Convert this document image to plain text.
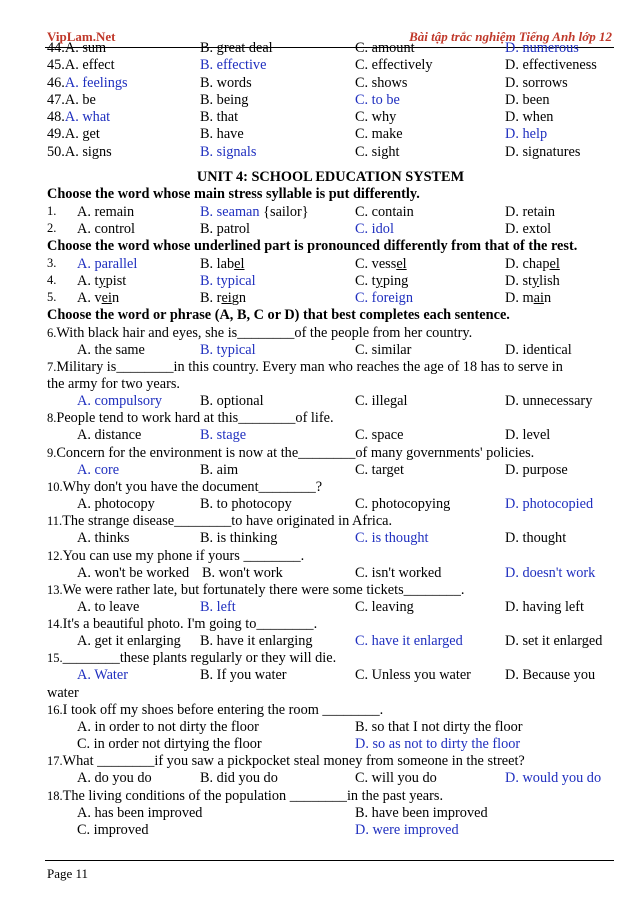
VipLam.Net	Bài tập trắc nghiệm Tiếng Anh lớp 12
44.A. sum	B. great deal	C. amount	D. numerous
45.A. effect	B. effective	C. effectively	D. effectiveness
46.A. feelings	B. words	C. shows	D. sorrows
47.A. be	B. being	C. to be	D. been
48.A. what	B. that	C. why	D. when
49.A. get	B. have	C. make	D. help
50.A. signs	B. signals	C. sight	D. signatures
UNIT 4: SCHOOL EDUCATION SYSTEM
Choose the word whose main stress syllable is put differently.
1. A. remain	B. seaman {sailor}	C. contain	D. retain
2. A. control	B. patrol	C. idol	D. extol
Choose the word whose underlined part is pronounced differently from that of the rest.
3. A. parallel	B. label	C. vessel	D. chapel
4. A. typist	B. typical	C. typing	D. stylish
5. A. vein	B. reign	C. foreign	D. main
Choose the word or phrase (A, B, C or D) that best completes each sentence.
6.With black hair and eyes, she is________of the people from her country.
A. the same	B. typical	C. similar	D. identical
7.Military is________in this country. Every man who reaches the age of 18 has to serve in
the army for two years.
A. compulsory	B. optional	C. illegal	D. unnecessary
8.People tend to work hard at this________of life.
A. distance	B. stage	C. space	D. level
9.Concern for the environment is now at the________of many governments' policies.
A. core	B. aim	C. target	D. purpose
10.Why don't you have the document________?
A. photocopy	B. to photocopy	C. photocopying	D. photocopied
11.The strange disease________to have originated in Africa.
A. thinks	B. is thinking	C. is thought	D. thought
12.You can use my phone if yours ________.
A. won't be worked B. won't work	C. isn't worked	D. doesn't work
13.We were rather late, but fortunately there were some tickets________.
A. to leave	B. left	C. leaving	D. having left
14.It's a beautiful photo. I'm going to________.
A. get it enlarging B. have it enlarging	C. have it enlarged	D. set it enlarged
15.________these plants regularly or they will die.
A. Water	B. If you water	C. Unless you water D. Because you
water
16.I took off my shoes before entering the room ________.
A. in order to not dirty the floor	B. so that I not dirty the floor
C. in order not dirtying the floor	D. so as not to dirty the floor
17.What ________if you saw a pickpocket steal money from someone in the street?
A. do you do	B. did you do	C. will you do	D. would you do
18.The living conditions of the population ________in the past years.
A. has been improved	B. have been improved
C. improved	D. were improved
Page 11
